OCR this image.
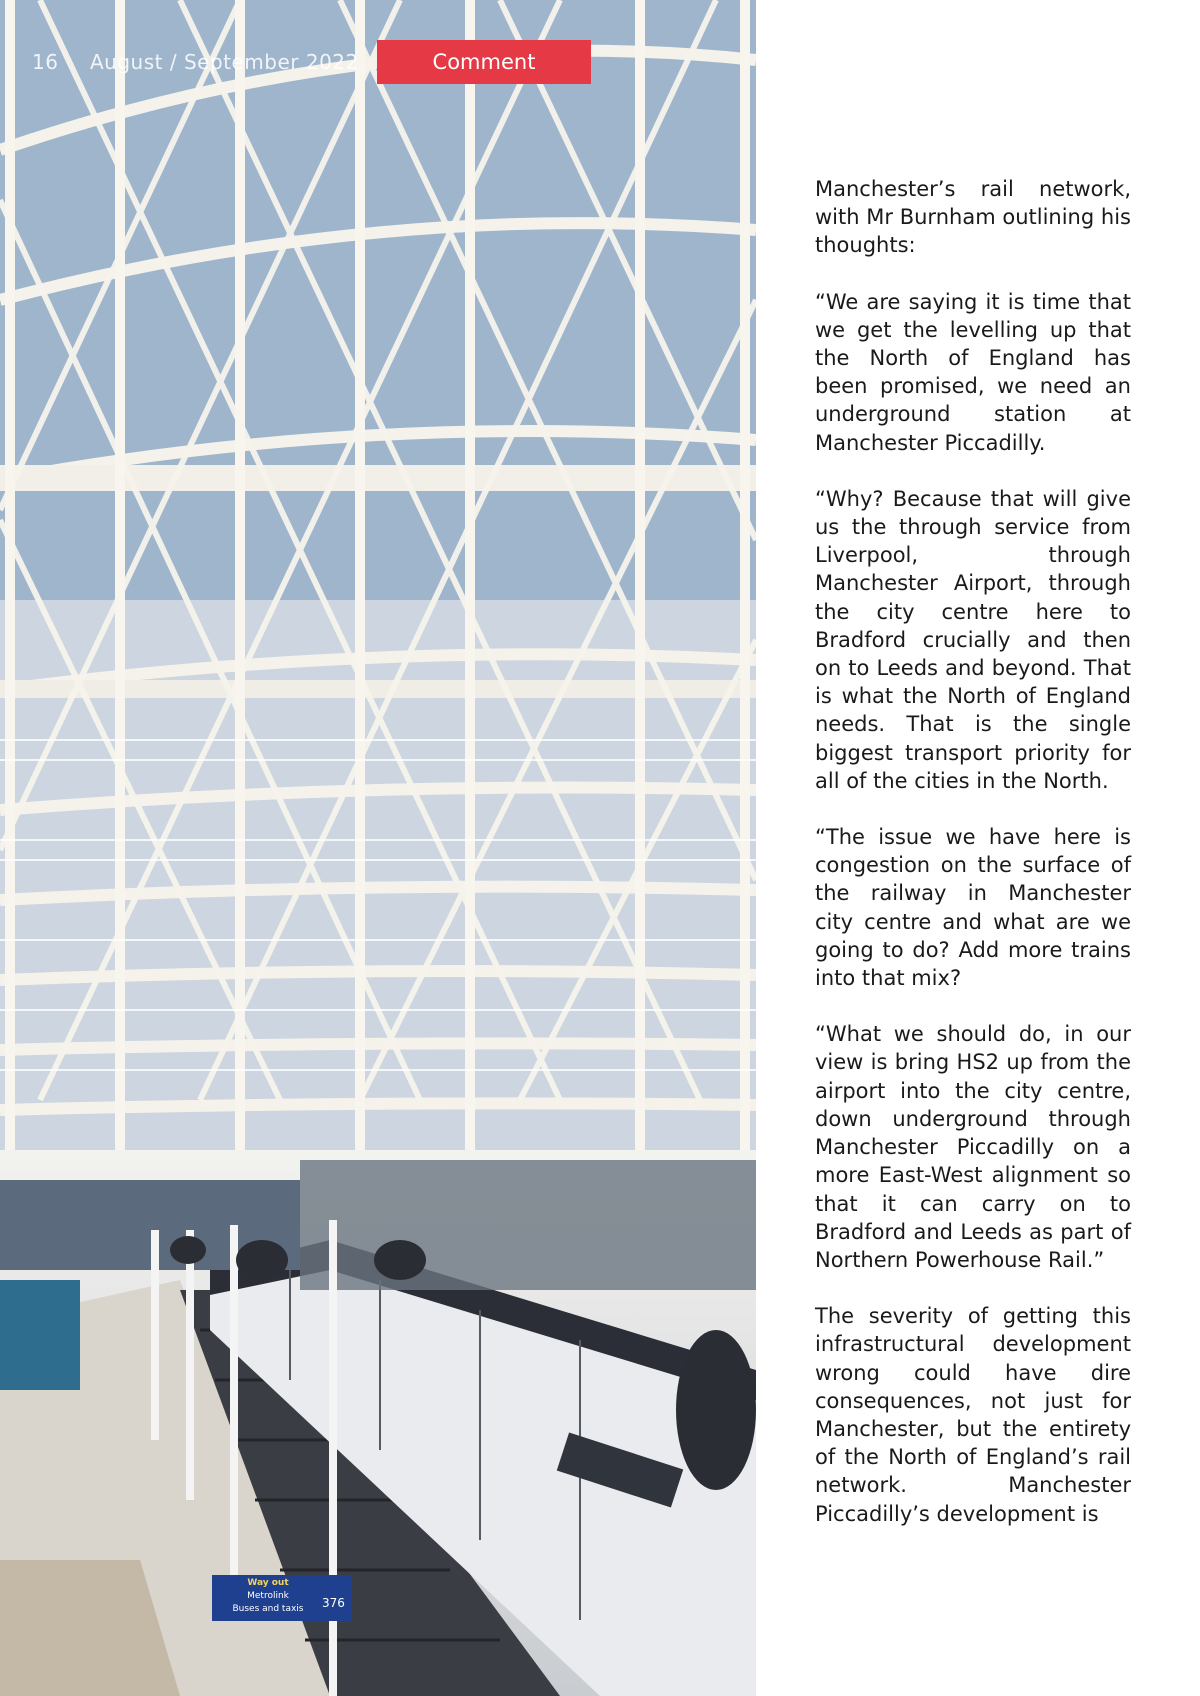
Way out
Metrolink
Buses and taxis	376
16 August / September 2022	Comment

Manchester’s rail network, with Mr Burnham outlining his thoughts:

“We are saying it is time that we get the levelling up that the North of England has been promised, we need an underground station at Manchester Piccadilly.

“Why? Because that will give us the through service from Liverpool, through Manchester Airport, through the city centre here to Bradford crucially and then on to Leeds and beyond. That is what the North of England needs. That is the single biggest transport priority for all of the cities in the North.

“The issue we have here is congestion on the surface of the railway in Manchester city centre and what are we going to do? Add more trains into that mix?

“What we should do, in our view is bring HS2 up from the airport into the city centre, down underground through Manchester Piccadilly on a more East-West alignment so that it can carry on to Bradford and Leeds as part of Northern Powerhouse Rail.”

The severity of getting this infrastructural development wrong could have dire consequences, not just for Manchester, but the entirety of the North of England’s rail network. Manchester Piccadilly’s development is
